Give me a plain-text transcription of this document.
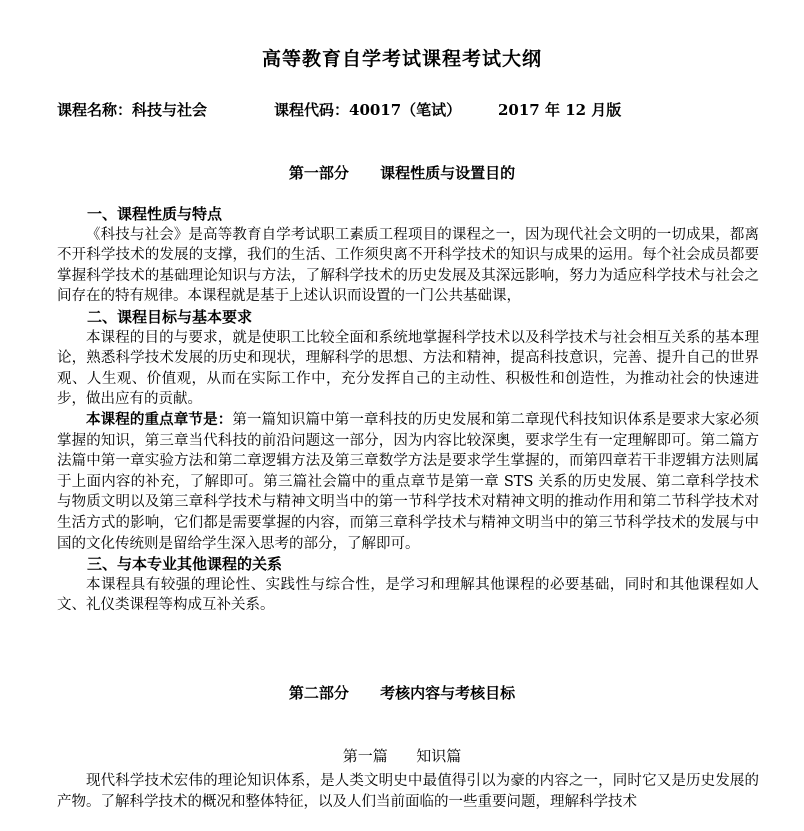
高等教育自学考试课程考试大纲
课程名称：科技与社会	课程代码：40017（笔试） 2017 年 12 月版
第一部分      课程性质与设置目的
一、课程性质与特点

《科技与社会》是高等教育自学考试职工素质工程项目的课程之一，因为现代社会文明的一切成果，都离不开科学技术的发展的支撑，我们的生活、工作须臾离不开科学技术的知识与成果的运用。每个社会成员都要掌握科学技术的基础理论知识与方法，了解科学技术的历史发展及其深远影响，努力为适应科学技术与社会之间存在的特有规律。本课程就是基于上述认识而设置的一门公共基础课，

二、课程目标与基本要求

本课程的目的与要求，就是使职工比较全面和系统地掌握科学技术以及科学技术与社会相互关系的基本理论，熟悉科学技术发展的历史和现状，理解科学的思想、方法和精神，提高科技意识，完善、提升自己的世界观、人生观、价值观，从而在实际工作中，充分发挥自己的主动性、积极性和创造性，为推动社会的快速进步，做出应有的贡献。

本课程的重点章节是：第一篇知识篇中第一章科技的历史发展和第二章现代科技知识体系是要求大家必须掌握的知识，第三章当代科技的前沿问题这一部分，因为内容比较深奥，要求学生有一定理解即可。第二篇方法篇中第一章实验方法和第二章逻辑方法及第三章数学方法是要求学生掌握的，而第四章若干非逻辑方法则属于上面内容的补充，了解即可。第三篇社会篇中的重点章节是第一章 STS 关系的历史发展、第二章科学技术与物质文明以及第三章科学技术与精神文明当中的第一节科学技术对精神文明的推动作用和第二节科学技术对生活方式的影响，它们都是需要掌握的内容，而第三章科学技术与精神文明当中的第三节科学技术的发展与中国的文化传统则是留给学生深入思考的部分，了解即可。

三、与本专业其他课程的关系

本课程具有较强的理论性、实践性与综合性，是学习和理解其他课程的必要基础，同时和其他课程如人文、礼仪类课程等构成互补关系。

第二部分      考核内容与考核目标
第一篇      知识篇

现代科学技术宏伟的理论知识体系，是人类文明史中最值得引以为豪的内容之一，同时它又是历史发展的产物。了解科学技术的概况和整体特征，以及人们当前面临的一些重要问题，理解科学技术
